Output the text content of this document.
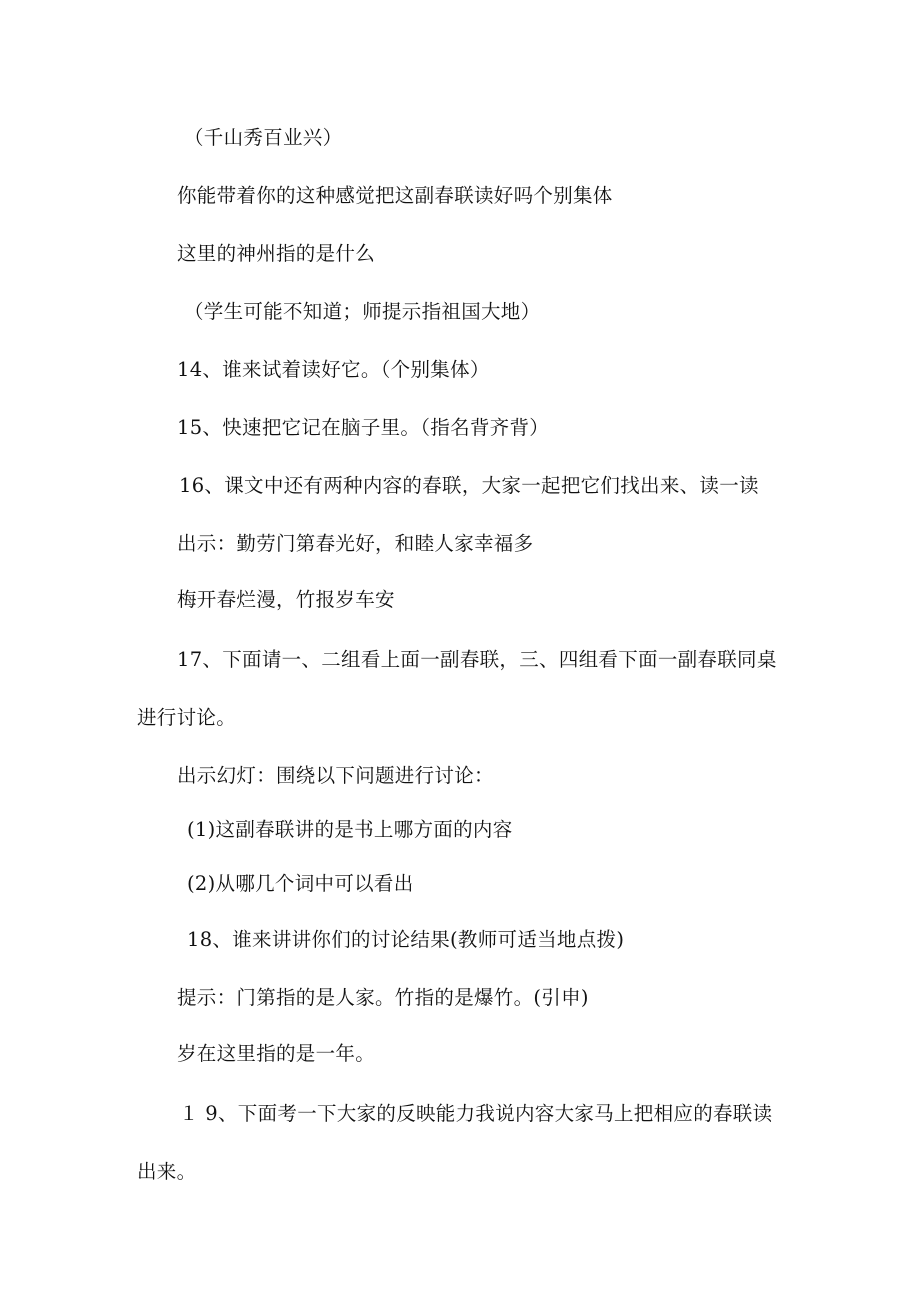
（千山秀百业兴）
你能带着你的这种感觉把这副春联读好吗个别集体
这里的神州指的是什么
（学生可能不知道；师提示指祖国大地）
14、谁来试着读好它。（个别集体）
15、快速把它记在脑子里。（指名背齐背）
16、课文中还有两种内容的春联，大家一起把它们找出来、读一读
出示：勤劳门第春光好，和睦人家幸福多
梅开春烂漫，竹报岁车安
17、下面请一、二组看上面一副春联，三、四组看下面一副春联同桌
进行讨论。
出示幻灯：围绕以下问题进行讨论：
(1)这副春联讲的是书上哪方面的内容
(2)从哪几个词中可以看出
18、谁来讲讲你们的讨论结果(教师可适当地点拨)
提示：门第指的是人家。竹指的是爆竹。(引申)
岁在这里指的是一年。
１ 9、下面考一下大家的反映能力我说内容大家马上把相应的春联读
出来。
